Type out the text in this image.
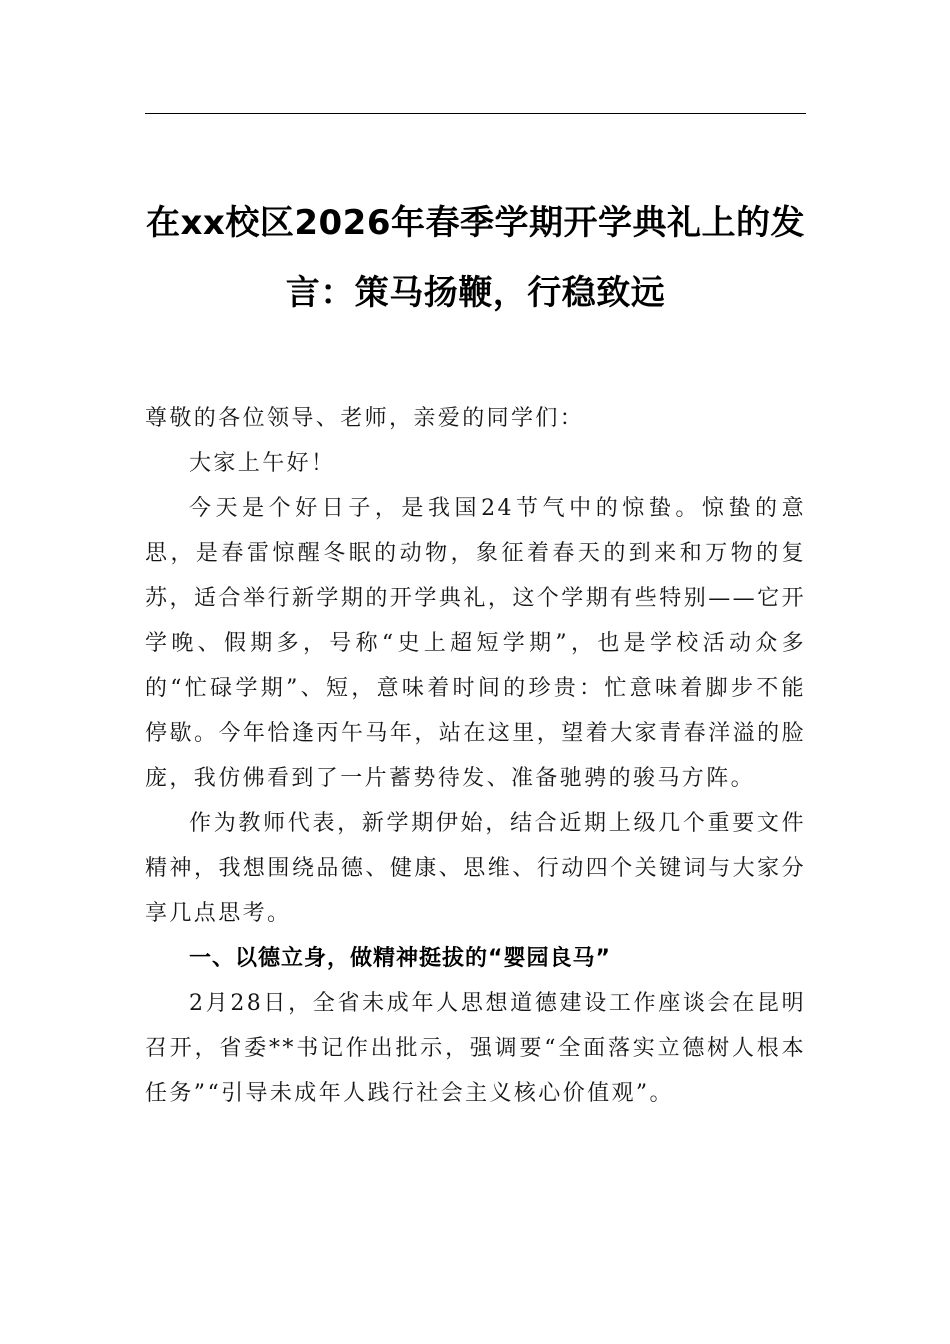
在xx校区2026年春季学期开学典礼上的发言：策马扬鞭，行稳致远

尊敬的各位领导、老师，亲爱的同学们：

大家上午好！

今天是个好日子，是我国24节气中的惊蛰。惊蛰的意思，是春雷惊醒冬眠的动物，象征着春天的到来和万物的复苏，适合举行新学期的开学典礼，这个学期有些特别——它开学晚、假期多，号称“史上超短学期”，也是学校活动众多的“忙碌学期”、短，意味着时间的珍贵：忙意味着脚步不能停歇。今年恰逢丙午马年，站在这里，望着大家青春洋溢的脸庞，我仿佛看到了一片蓄势待发、准备驰骋的骏马方阵。

作为教师代表，新学期伊始，结合近期上级几个重要文件精神，我想围绕品德、健康、思维、行动四个关键词与大家分享几点思考。

一、以德立身，做精神挺拔的“婴园良马”

2月28日，全省未成年人思想道德建设工作座谈会在昆明召开，省委**书记作出批示，强调要“全面落实立德树人根本任务”“引导未成年人践行社会主义核心价值观”。
